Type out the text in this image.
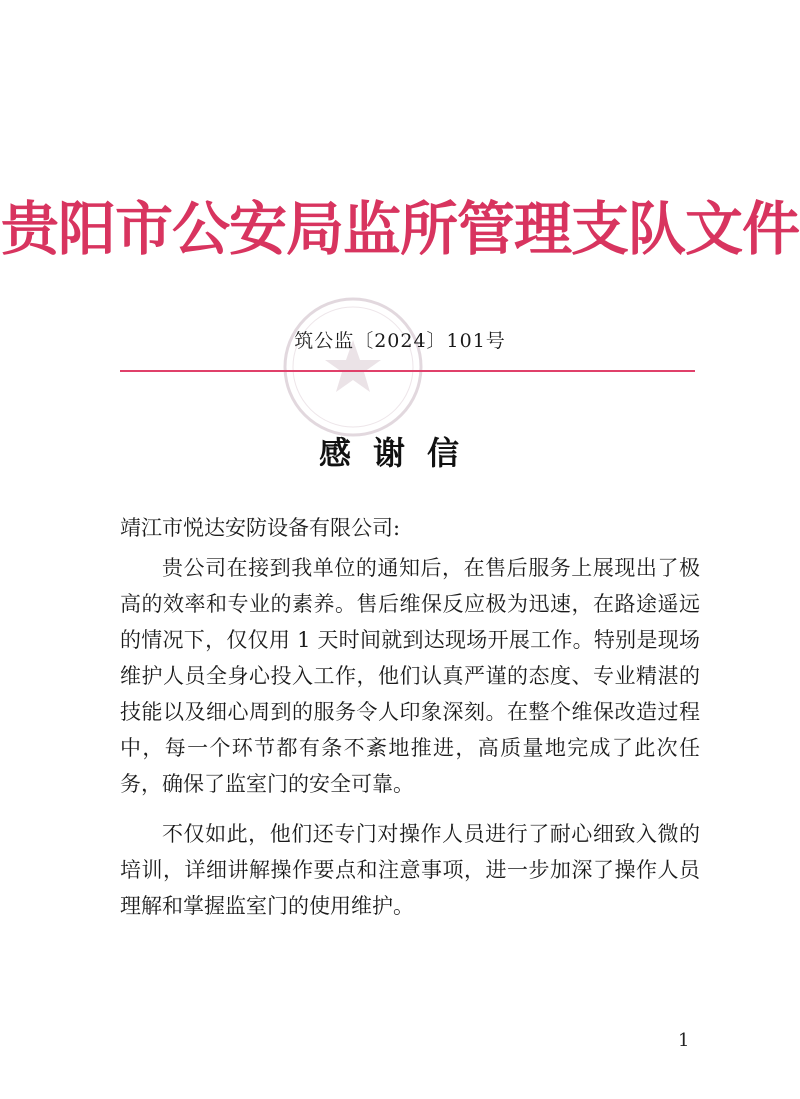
贵阳市公安局监所管理支队文件
筑公监〔2024〕101号
感谢信

靖江市悦达安防设备有限公司:

贵公司在接到我单位的通知后，在售后服务上展现出了极高的效率和专业的素养。售后维保反应极为迅速，在路途遥远的情况下，仅仅用 1 天时间就到达现场开展工作。特别是现场维护人员全身心投入工作，他们认真严谨的态度、专业精湛的技能以及细心周到的服务令人印象深刻。在整个维保改造过程中，每一个环节都有条不紊地推进，高质量地完成了此次任务，确保了监室门的安全可靠。

不仅如此，他们还专门对操作人员进行了耐心细致入微的培训，详细讲解操作要点和注意事项，进一步加深了操作人员理解和掌握监室门的使用维护。

1
